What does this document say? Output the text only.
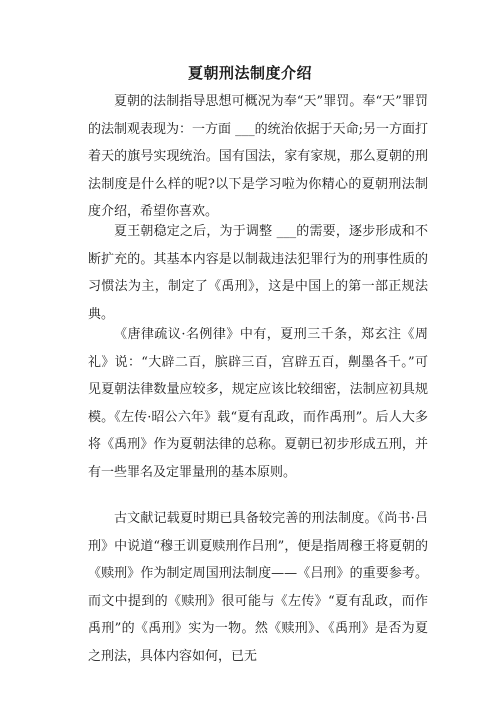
夏朝刑法制度介绍
夏朝的法制指导思想可概况为奉“天”罪罚。奉“天”罪罚的法制观表现为：一方面 ___的统治依据于天命;另一方面打着天的旗号实现统治。国有国法，家有家规，那么夏朝的刑法制度是什么样的呢?以下是学习啦为你精心的夏朝刑法制度介绍，希望你喜欢。
夏王朝稳定之后，为于调整 ___的需要，逐步形成和不断扩充的。其基本内容是以制裁违法犯罪行为的刑事性质的习惯法为主，制定了《禹刑》，这是中国上的第一部正规法典。
《唐律疏议·名例律》中有，夏刑三千条，郑玄注《周礼》说：“大辟二百，膑辟三百，宫辟五百，劓墨各千。”可见夏朝法律数量应较多，规定应该比较细密，法制应初具规模。《左传·昭公六年》载“夏有乱政，而作禹刑”。后人大多将《禹刑》作为夏朝法律的总称。夏朝已初步形成五刑，并有一些罪名及定罪量刑的基本原则。
古文献记载夏时期已具备较完善的刑法制度。《尚书·吕刑》中说道“穆王训夏赎刑作吕刑”，便是指周穆王将夏朝的《赎刑》作为制定周国刑法制度——《吕刑》的重要参考。而文中提到的《赎刑》很可能与《左传》“夏有乱政，而作禹刑”的《禹刑》实为一物。然《赎刑》、《禹刑》是否为夏之刑法，具体内容如何，已无
